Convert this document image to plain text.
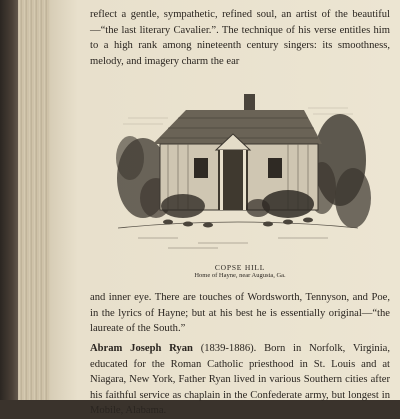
reflect a gentle, sympathetic, refined soul, an artist of the beautiful—“the last literary Cavalier.”. The technique of his verse entitles him to a high rank among nineteenth century singers: its smoothness, melody, and imagery charm the ear

COPSE HILL
Home of Hayne, near Augusta, Ga.

and inner eye. There are touches of Wordsworth, Tennyson, and Poe, in the lyrics of Hayne; but at his best he is essentially original—“the laureate of the South.”

Abram Joseph Ryan (1839-1886). Born in Norfolk, Virginia, educated for the Roman Catholic priesthood in St. Louis and at Niagara, New York, Father Ryan lived in various Southern cities after his faithful service as chaplain in the Confederate army, but longest in Mobile, Alabama.
